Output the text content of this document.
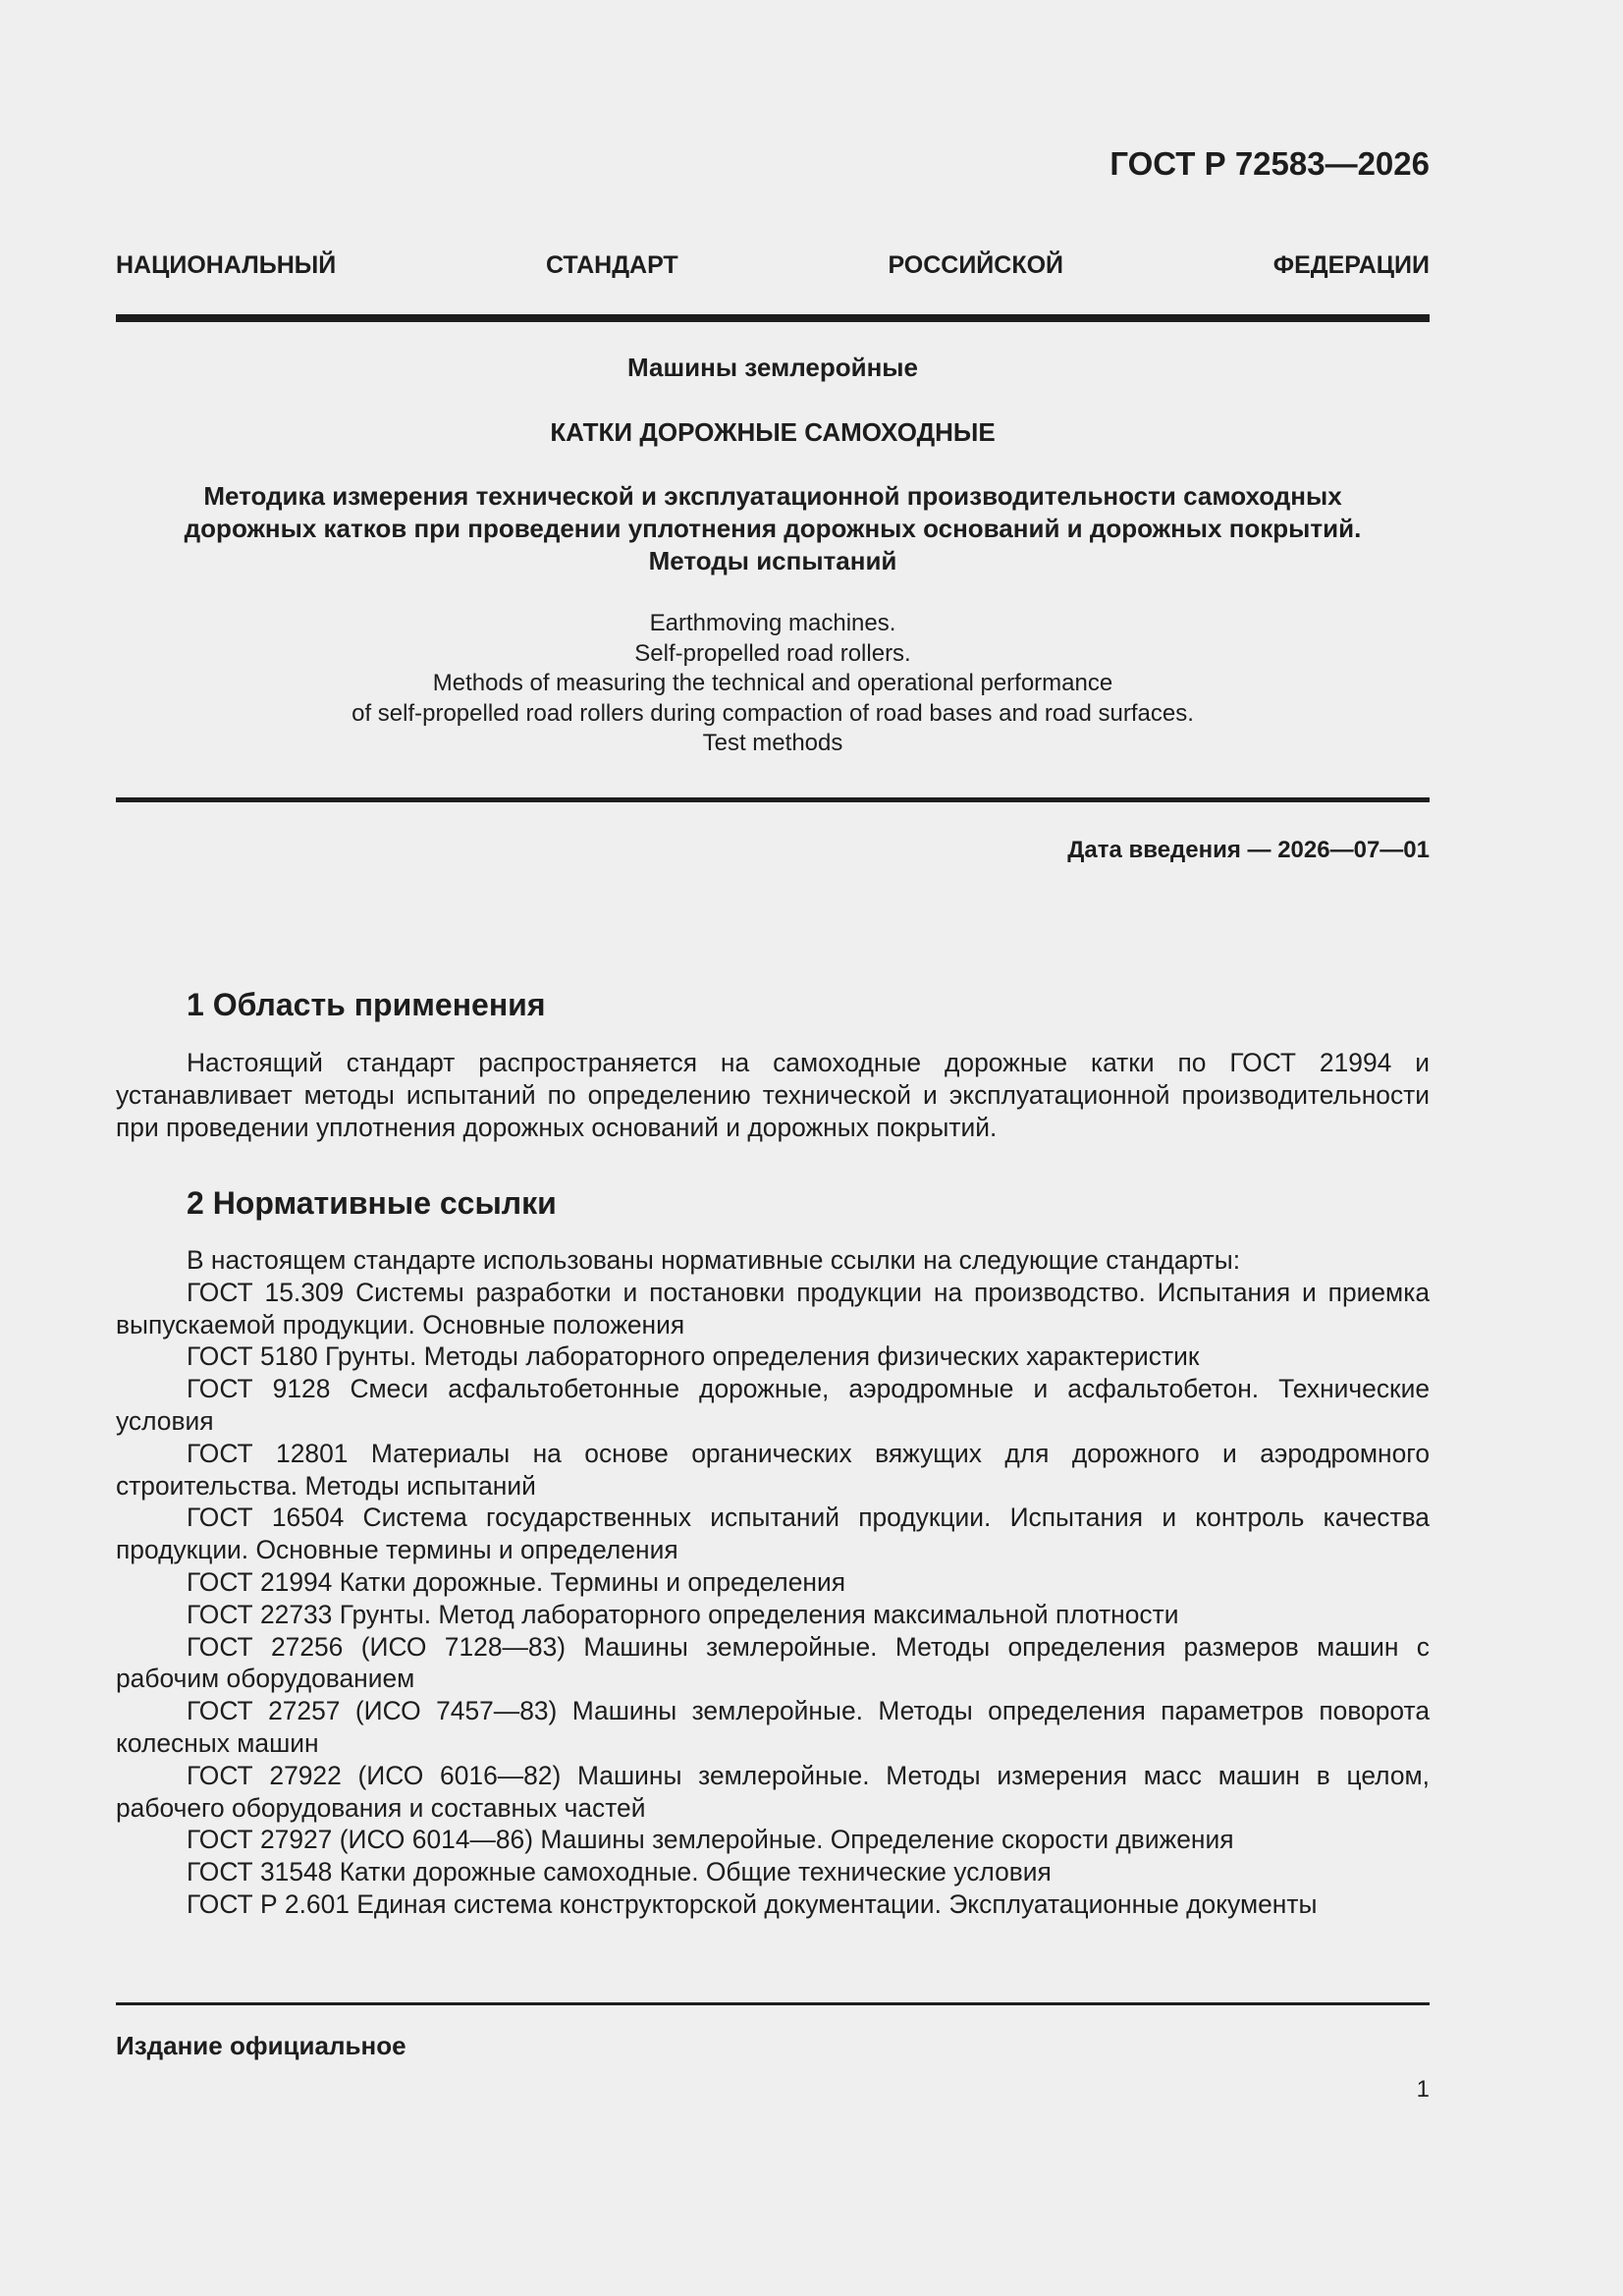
ГОСТ Р 72583—2026
НАЦИОНАЛЬНЫЙ	СТАНДАРТ	РОССИЙСКОЙ	ФЕДЕРАЦИИ
Машины землеройные
КАТКИ ДОРОЖНЫЕ САМОХОДНЫЕ
Методика измерения технической и эксплуатационной производительности самоходных
дорожных катков при проведении уплотнения дорожных оснований и дорожных покрытий.
Методы испытаний
Earthmoving machines.
Self-propelled road rollers.
Methods of measuring the technical and operational performance
of self-propelled road rollers during compaction of road bases and road surfaces.
Test methods
Дата введения — 2026—07—01
1 Область применения

Настоящий стандарт распространяется на самоходные дорожные катки по ГОСТ 21994 и устанавливает методы испытаний по определению технической и эксплуатационной производительности при проведении уплотнения дорожных оснований и дорожных покрытий.

2 Нормативные ссылки

В настоящем стандарте использованы нормативные ссылки на следующие стандарты:

ГОСТ 15.309 Системы разработки и постановки продукции на производство. Испытания и приемка выпускаемой продукции. Основные положения

ГОСТ 5180 Грунты. Методы лабораторного определения физических характеристик

ГОСТ 9128 Смеси асфальтобетонные дорожные, аэродромные и асфальтобетон. Технические условия

ГОСТ 12801 Материалы на основе органических вяжущих для дорожного и аэродромного строительства. Методы испытаний

ГОСТ 16504 Система государственных испытаний продукции. Испытания и контроль качества продукции. Основные термины и определения

ГОСТ 21994 Катки дорожные. Термины и определения

ГОСТ 22733 Грунты. Метод лабораторного определения максимальной плотности

ГОСТ 27256 (ИСО 7128—83) Машины землеройные. Методы определения размеров машин с рабочим оборудованием

ГОСТ 27257 (ИСО 7457—83) Машины землеройные. Методы определения параметров поворота колесных машин

ГОСТ 27922 (ИСО 6016—82) Машины землеройные. Методы измерения масс машин в целом, рабочего оборудования и составных частей

ГОСТ 27927 (ИСО 6014—86) Машины землеройные. Определение скорости движения

ГОСТ 31548 Катки дорожные самоходные. Общие технические условия

ГОСТ Р 2.601 Единая система конструкторской документации. Эксплуатационные документы

Издание официальное
1
